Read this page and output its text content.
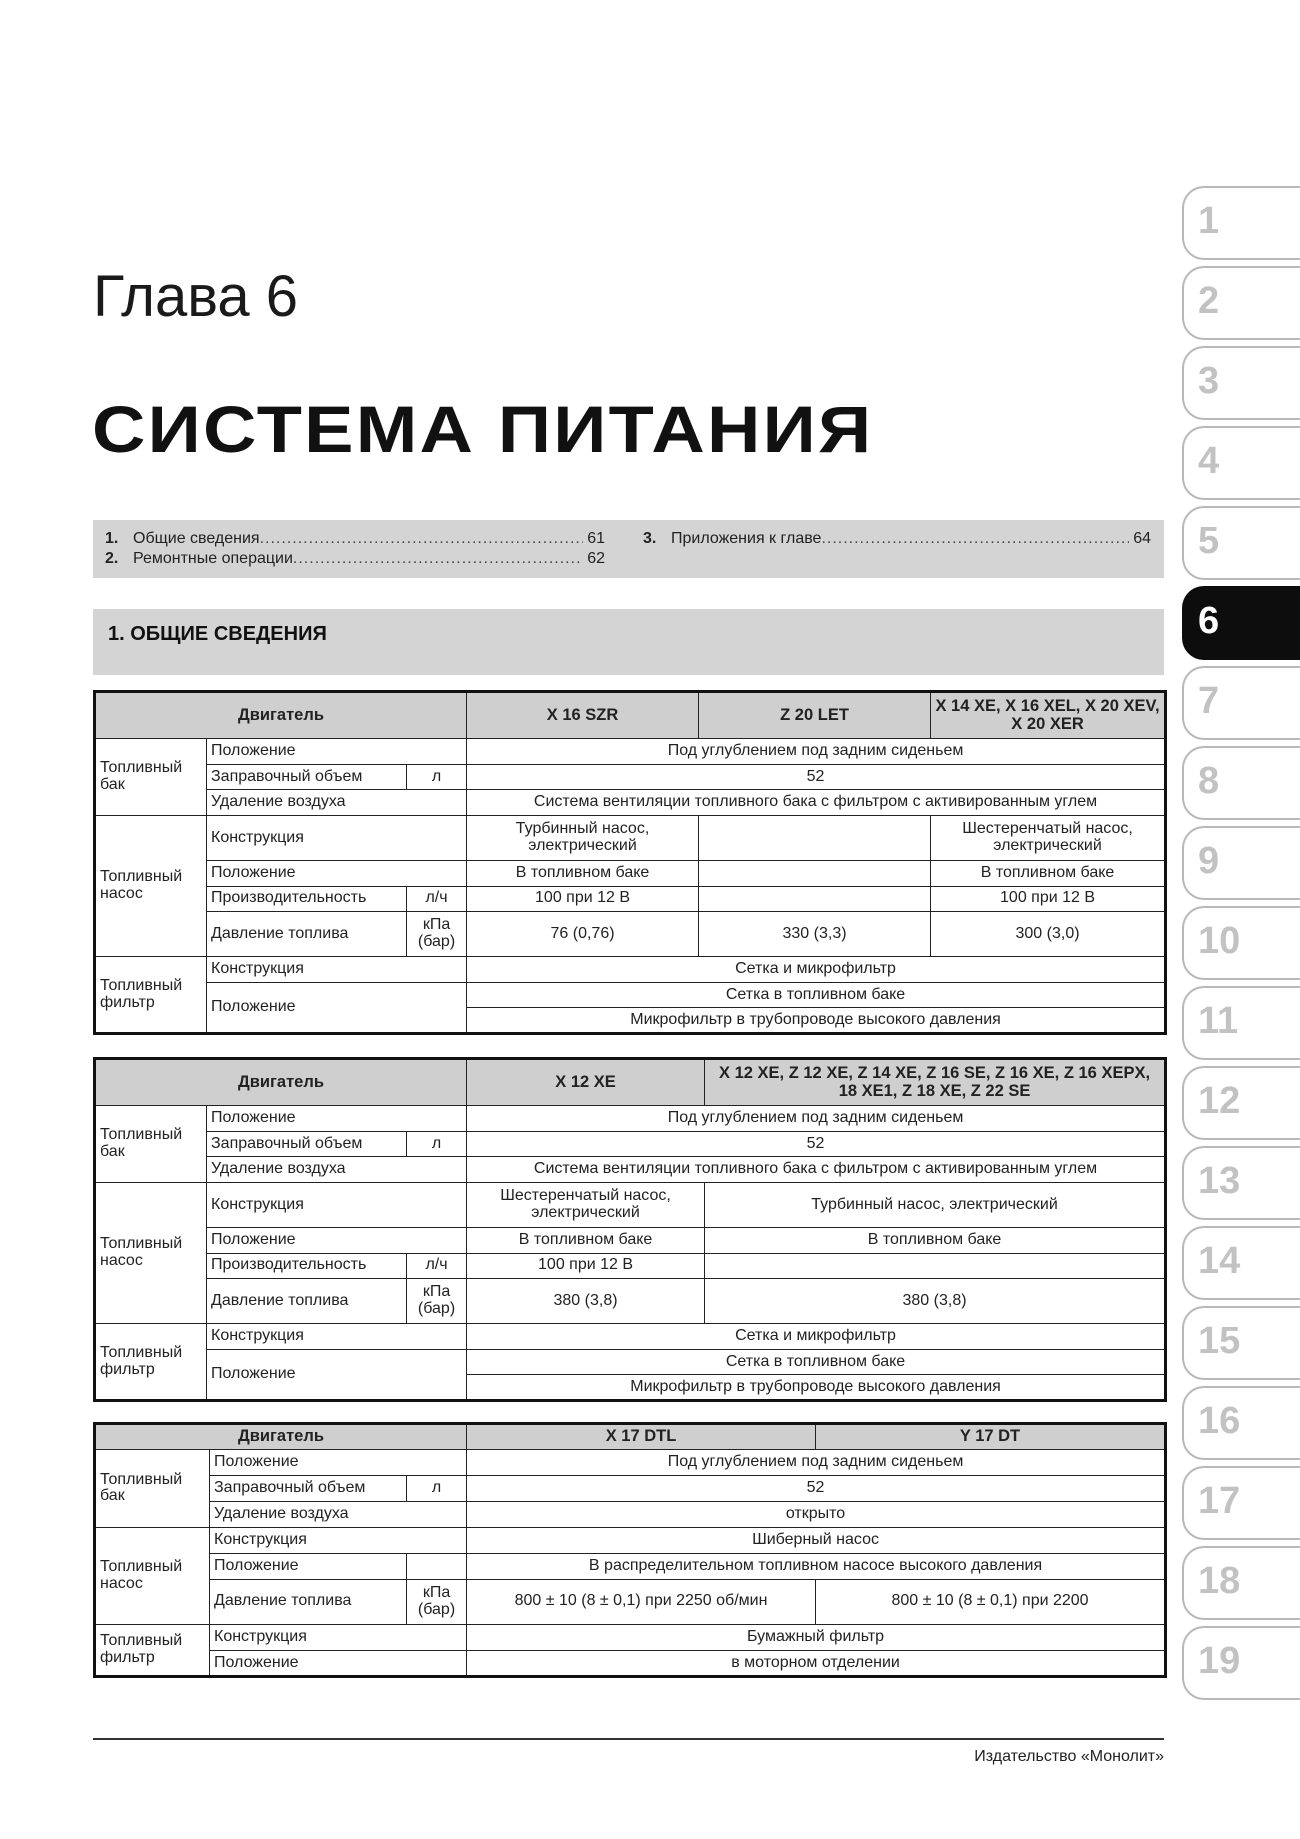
Глава 6
СИСТЕМА ПИТАНИЯ
1. Общие сведения .....	61
2. Ремонтные операции .....	62
3. Приложения к главе .....	64
1. ОБЩИЕ СВЕДЕНИЯ
Двигатель			X 16 SZR	Z 20 LET	X 14 XE, X 16 XEL, X 20 XEV, X 20 XER
Топливный бак	Положение		Под углублением под задним сиденьем		
	Заправочный объем	л	52		
	Удаление воздуха		Система вентиляции топливного бака с фильтром с активированным углем		
Топливный насос	Конструкция		Турбинный насос, электрический		Шестеренчатый насос, электрический
	Положение		В топливном баке		В топливном баке
	Производительность	л/ч	100 при 12 В		100 при 12 В
	Давление топлива	кПа (бар)	76 (0,76)	330 (3,3)	300 (3,0)
Топливный фильтр	Конструкция		Сетка и микрофильтр		
	Положение		Сетка в топливном баке		
			Микрофильтр в трубопроводе высокого давления		
Двигатель			X 12 XE	X 12 XE, Z 12 XE, Z 14 XE, Z 16 SE, Z 16 XE, Z 16 XEPX, 18 XE1, Z 18 XE, Z 22 SE
Топливный бак	Положение		Под углублением под задним сиденьем	
	Заправочный объем	л	52	
	Удаление воздуха		Система вентиляции топливного бака с фильтром с активированным углем	
Топливный насос	Конструкция		Шестеренчатый насос, электрический	Турбинный насос, электрический
	Положение		В топливном баке	В топливном баке
	Производительность	л/ч	100 при 12 В	
	Давление топлива	кПа (бар)	380 (3,8)	380 (3,8)
Топливный фильтр	Конструкция		Сетка и микрофильтр	
	Положение		Сетка в топливном баке	
			Микрофильтр в трубопроводе высокого давления	
Двигатель			X 17 DTL	Y 17 DT
Топливный бак	Положение		Под углублением под задним сиденьем	
	Заправочный объем	л	52	
	Удаление воздуха		открыто	
Топливный насос	Конструкция		Шиберный насос	
	Положение		В распределительном топливном насосе высокого давления	
	Давление топлива	кПа (бар)	800 ± 10 (8 ± 0,1) при 2250 об/мин	800 ± 10 (8 ± 0,1) при 2200
Топливный фильтр	Конструкция		Бумажный фильтр	
	Положение		в моторном отделении	
1
2
3
4
5
6
7
8
9
10
11
12
13
14
15
16
17
18
19
Издательство «Монолит»
